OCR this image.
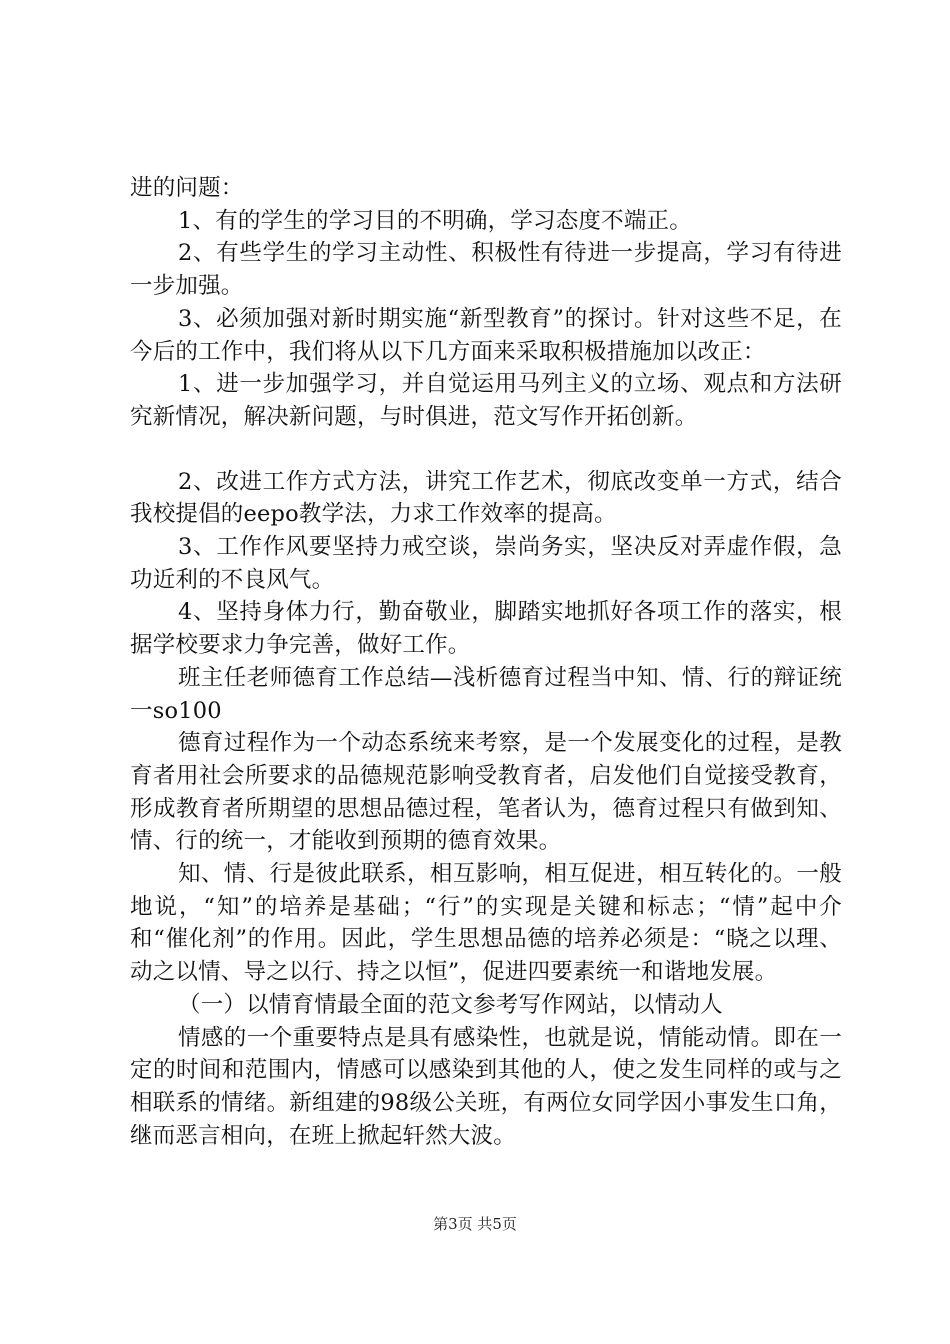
进的问题：

1、有的学生的学习目的不明确，学习态度不端正。

2、有些学生的学习主动性、积极性有待进一步提高，学习有待进一步加强。

3、必须加强对新时期实施“新型教育”的探讨。针对这些不足，在今后的工作中，我们将从以下几方面来采取积极措施加以改正：

1、进一步加强学习，并自觉运用马列主义的立场、观点和方法研究新情况，解决新问题，与时俱进，范文写作开拓创新。

2、改进工作方式方法，讲究工作艺术，彻底改变单一方式，结合我校提倡的eepo教学法，力求工作效率的提高。

3、工作作风要坚持力戒空谈，崇尚务实，坚决反对弄虚作假，急功近利的不良风气。

4、坚持身体力行，勤奋敬业，脚踏实地抓好各项工作的落实，根据学校要求力争完善，做好工作。

班主任老师德育工作总结—浅析德育过程当中知、情、行的辩证统一so100

德育过程作为一个动态系统来考察，是一个发展变化的过程，是教育者用社会所要求的品德规范影响受教育者，启发他们自觉接受教育，形成教育者所期望的思想品德过程，笔者认为，德育过程只有做到知、情、行的统一，才能收到预期的德育效果。

知、情、行是彼此联系，相互影响，相互促进，相互转化的。一般地说，“知”的培养是基础；“行”的实现是关键和标志；“情”起中介和“催化剂”的作用。因此，学生思想品德的培养必须是：“晓之以理、动之以情、导之以行、持之以恒”，促进四要素统一和谐地发展。

（一）以情育情最全面的范文参考写作网站，以情动人

情感的一个重要特点是具有感染性，也就是说，情能动情。即在一定的时间和范围内，情感可以感染到其他的人，使之发生同样的或与之相联系的情绪。新组建的98级公关班，有两位女同学因小事发生口角，继而恶言相向，在班上掀起轩然大波。

第3页 共5页
